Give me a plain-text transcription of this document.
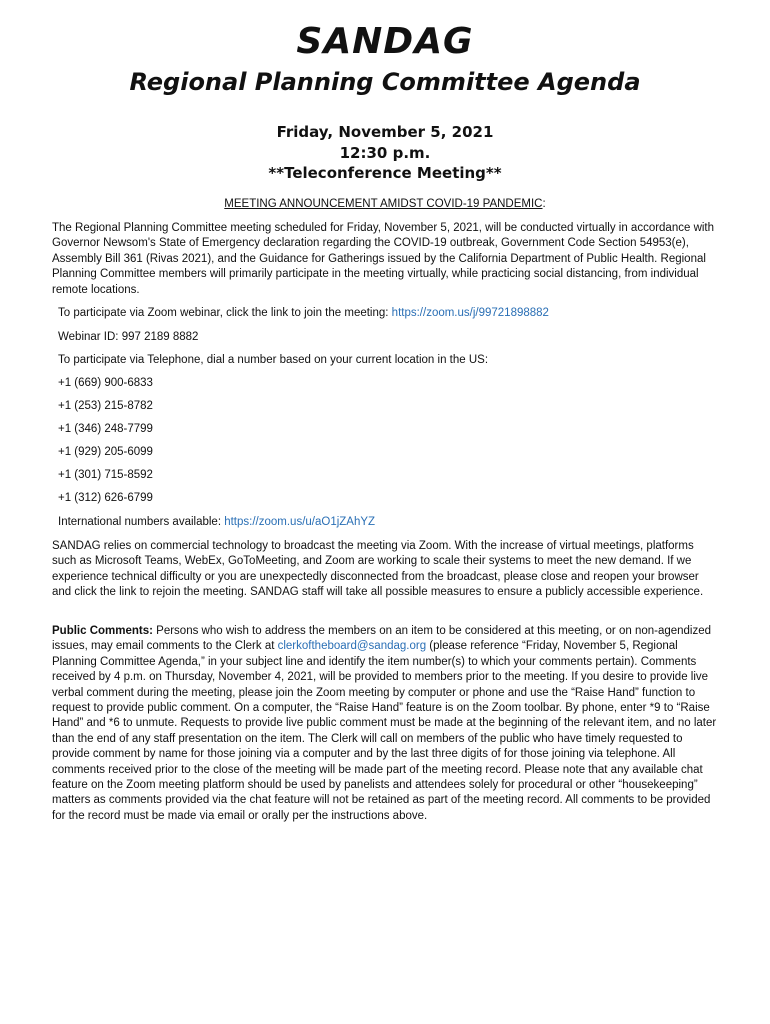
SANDAG
Regional Planning Committee Agenda
Friday, November 5, 2021
12:30 p.m.
**Teleconference Meeting**
MEETING ANNOUNCEMENT AMIDST COVID-19 PANDEMIC:
The Regional Planning Committee meeting scheduled for Friday, November 5, 2021, will be conducted virtually in accordance with Governor Newsom's State of Emergency declaration regarding the COVID-19 outbreak, Government Code Section 54953(e), Assembly Bill 361 (Rivas 2021), and the Guidance for Gatherings issued by the California Department of Public Health. Regional Planning Committee members will primarily participate in the meeting virtually, while practicing social distancing, from individual remote locations.
To participate via Zoom webinar, click the link to join the meeting: https://zoom.us/j/99721898882
Webinar ID: 997 2189 8882
To participate via Telephone, dial a number based on your current location in the US:
+1 (669) 900-6833
+1 (253) 215-8782
+1 (346) 248-7799
+1 (929) 205-6099
+1 (301) 715-8592
+1 (312) 626-6799
International numbers available: https://zoom.us/u/aO1jZAhYZ
SANDAG relies on commercial technology to broadcast the meeting via Zoom. With the increase of virtual meetings, platforms such as Microsoft Teams, WebEx, GoToMeeting, and Zoom are working to scale their systems to meet the new demand. If we experience technical difficulty or you are unexpectedly disconnected from the broadcast, please close and reopen your browser and click the link to rejoin the meeting. SANDAG staff will take all possible measures to ensure a publicly accessible experience.
Public Comments: Persons who wish to address the members on an item to be considered at this meeting, or on non-agendized issues, may email comments to the Clerk at clerkoftheboard@sandag.org (please reference “Friday, November 5, Regional Planning Committee Agenda,” in your subject line and identify the item number(s) to which your comments pertain). Comments received by 4 p.m. on Thursday, November 4, 2021, will be provided to members prior to the meeting. If you desire to provide live verbal comment during the meeting, please join the Zoom meeting by computer or phone and use the “Raise Hand” function to request to provide public comment. On a computer, the “Raise Hand” feature is on the Zoom toolbar. By phone, enter *9 to “Raise Hand” and *6 to unmute. Requests to provide live public comment must be made at the beginning of the relevant item, and no later than the end of any staff presentation on the item. The Clerk will call on members of the public who have timely requested to provide comment by name for those joining via a computer and by the last three digits of for those joining via telephone. All comments received prior to the close of the meeting will be made part of the meeting record. Please note that any available chat feature on the Zoom meeting platform should be used by panelists and attendees solely for procedural or other “housekeeping” matters as comments provided via the chat feature will not be retained as part of the meeting record. All comments to be provided for the record must be made via email or orally per the instructions above.
